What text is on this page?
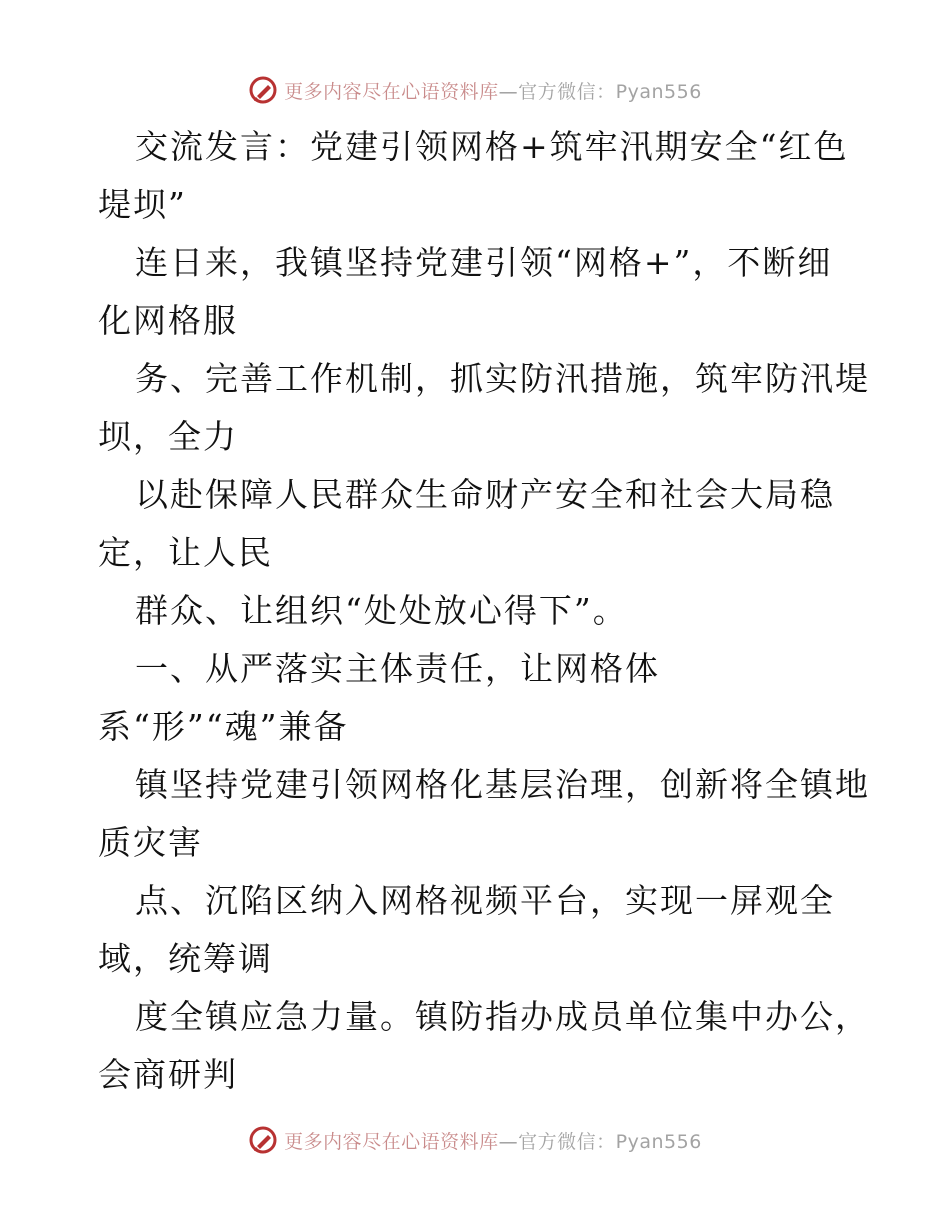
更多内容尽在心语资料库—官方微信：Pyan556
交流发言：党建引领网格+筑牢汛期安全“红色
堤坝”
连日来，我镇坚持党建引领“网格+”，不断细
化网格服
务、完善工作机制，抓实防汛措施，筑牢防汛堤
坝，全力
以赴保障人民群众生命财产安全和社会大局稳
定，让人民
群众、让组织“处处放心得下”。
一、从严落实主体责任，让网格体
系“形”“魂”兼备
镇坚持党建引领网格化基层治理，创新将全镇地
质灾害
点、沉陷区纳入网格视频平台，实现一屏观全
域，统筹调
度全镇应急力量。镇防指办成员单位集中办公，
会商研判
更多内容尽在心语资料库—官方微信：Pyan556
